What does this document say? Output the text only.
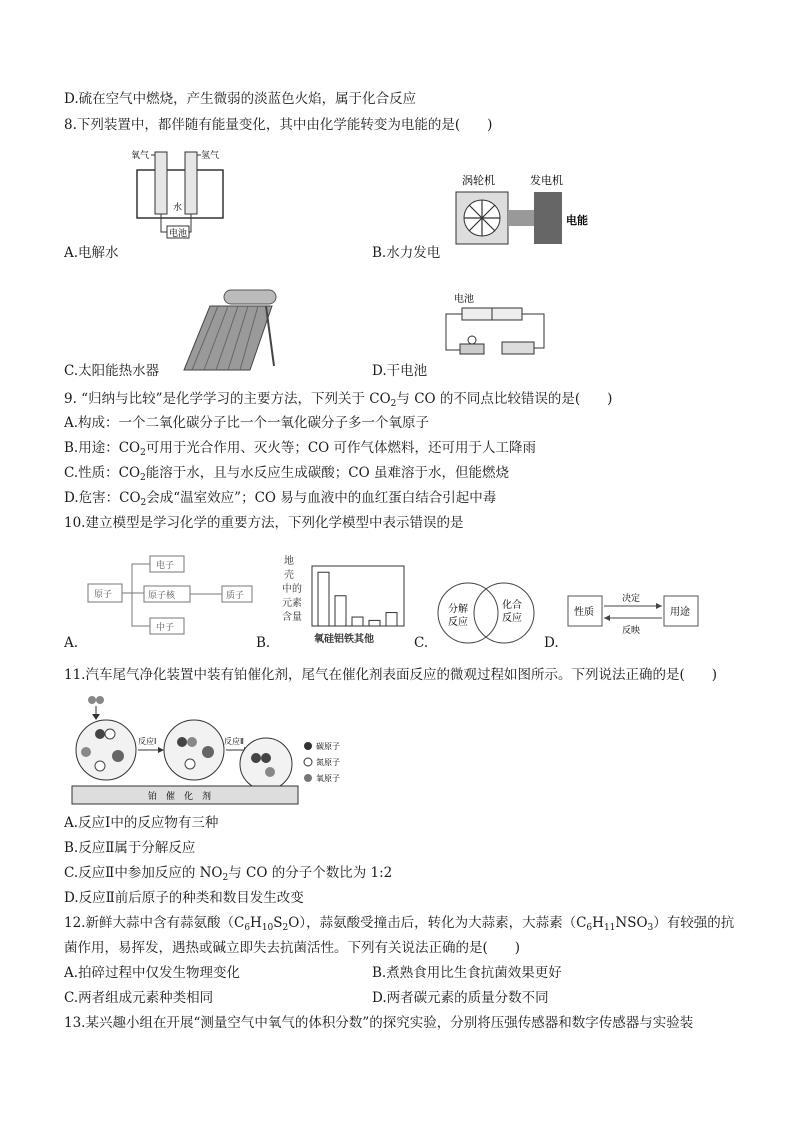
D.硫在空气中燃烧，产生微弱的淡蓝色火焰，属于化合反应
8.下列装置中，都伴随有能量变化，其中由化学能转变为电能的是(　　)
氧气	氢气
水
电池
A.电解水
涡轮机	发电机
电能
B.水力发电
C.太阳能热水器
电池
D.干电池
9. “归纳与比较”是化学学习的主要方法，下列关于 $CO_2$与 CO 的不同点比较错误的是(　　)
A.构成：一个二氧化碳分子比一个一氧化碳分子多一个氧原子
B.用途：$CO_2$可用于光合作用、灭火等；CO 可作气体燃料，还可用于人工降雨
C.性质：$CO_2$能溶于水，且与水反应生成碳酸；CO 虽难溶于水，但能燃烧
D.危害：$CO_2$会成“温室效应”；CO 易与血液中的血红蛋白结合引起中毒
10.建立模型是学习化学的重要方法，下列化学模型中表示错误的是
原子
电子
原子核
中子
质子
A.
地
壳
中的
元素
含量
氧硅铝铁其他
B.
分解
反应
化合
反应
C.
性质	用途
决定
反映
D.
11.汽车尾气净化装置中装有铂催化剂，尾气在催化剂表面反应的微观过程如图所示。下列说法正确的是(　　)
反应Ⅰ	反应Ⅱ
铂　催　化　剂
碳原子
氮原子
氧原子
A.反应Ⅰ中的反应物有三种
B.反应Ⅱ属于分解反应
C.反应Ⅱ中参加反应的 $NO_2$与 CO 的分子个数比为 1:2
D.反应Ⅱ前后原子的种类和数目发生改变
12.新鲜大蒜中含有蒜氨酸$(C_6H_{10}S_2O)$，蒜氨酸受撞击后，转化为大蒜素，大蒜素$(C_6H_{11}NSO_3)$有较强的抗
菌作用，易挥发，遇热或碱立即失去抗菌活性。下列有关说法正确的是(　　)
A.拍碎过程中仅发生物理变化	B.煮熟食用比生食抗菌效果更好
C.两者组成元素种类相同	D.两者碳元素的质量分数不同
13.某兴趣小组在开展“测量空气中氧气的体积分数”的探究实验，分别将压强传感器和数字传感器与实验装
